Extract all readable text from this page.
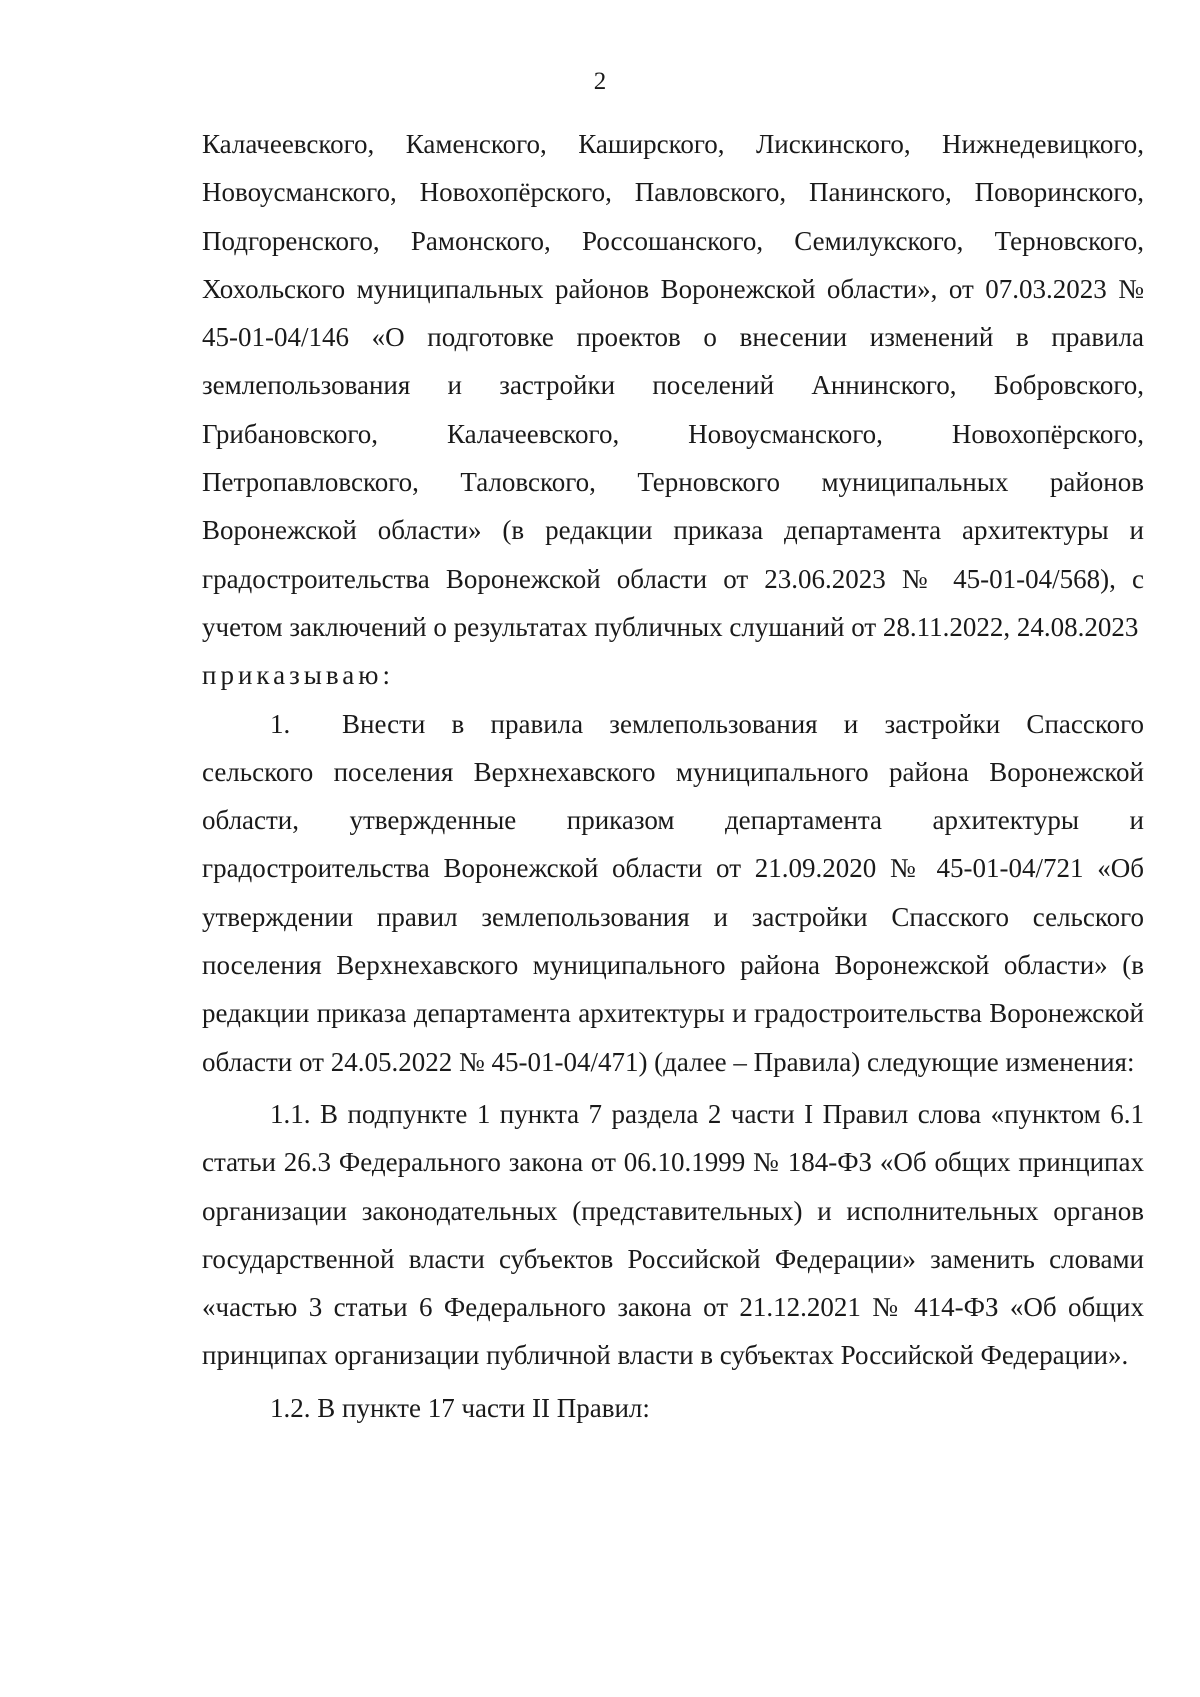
2

Калачеевского, Каменского, Каширского, Лискинского, Нижнедевицкого, Новоусманского, Новохопёрского, Павловского, Панинского, Поворинского, Подгоренского, Рамонского, Россошанского, Семилукского, Терновского, Хохольского муниципальных районов Воронежской области», от 07.03.2023 № 45-01-04/146 «О подготовке проектов о внесении изменений в правила землепользования и застройки поселений Аннинского, Бобровского, Грибановского, Калачеевского, Новоусманского, Новохопёрского, Петропавловского, Таловского, Терновского муниципальных районов Воронежской области» (в редакции приказа департамента архитектуры и градостроительства Воронежской области от 23.06.2023 № 45-01-04/568), с учетом заключений о результатах публичных слушаний от 28.11.2022, 24.08.2023

приказываю:

1. Внести в правила землепользования и застройки Спасского сельского поселения Верхнехавского муниципального района Воронежской области, утвержденные приказом департамента архитектуры и градостроительства Воронежской области от 21.09.2020 № 45-01-04/721 «Об утверждении правил землепользования и застройки Спасского сельского поселения Верхнехавского муниципального района Воронежской области» (в редакции приказа департамента архитектуры и градостроительства Воронежской области от 24.05.2022 № 45-01-04/471) (далее – Правила) следующие изменения:

1.1. В подпункте 1 пункта 7 раздела 2 части I Правил слова «пунктом 6.1 статьи 26.3 Федерального закона от 06.10.1999 № 184-ФЗ «Об общих принципах организации законодательных (представительных) и исполнительных органов государственной власти субъектов Российской Федерации» заменить словами «частью 3 статьи 6 Федерального закона от 21.12.2021 № 414-ФЗ «Об общих принципах организации публичной власти в субъектах Российской Федерации».

1.2. В пункте 17 части II Правил:
